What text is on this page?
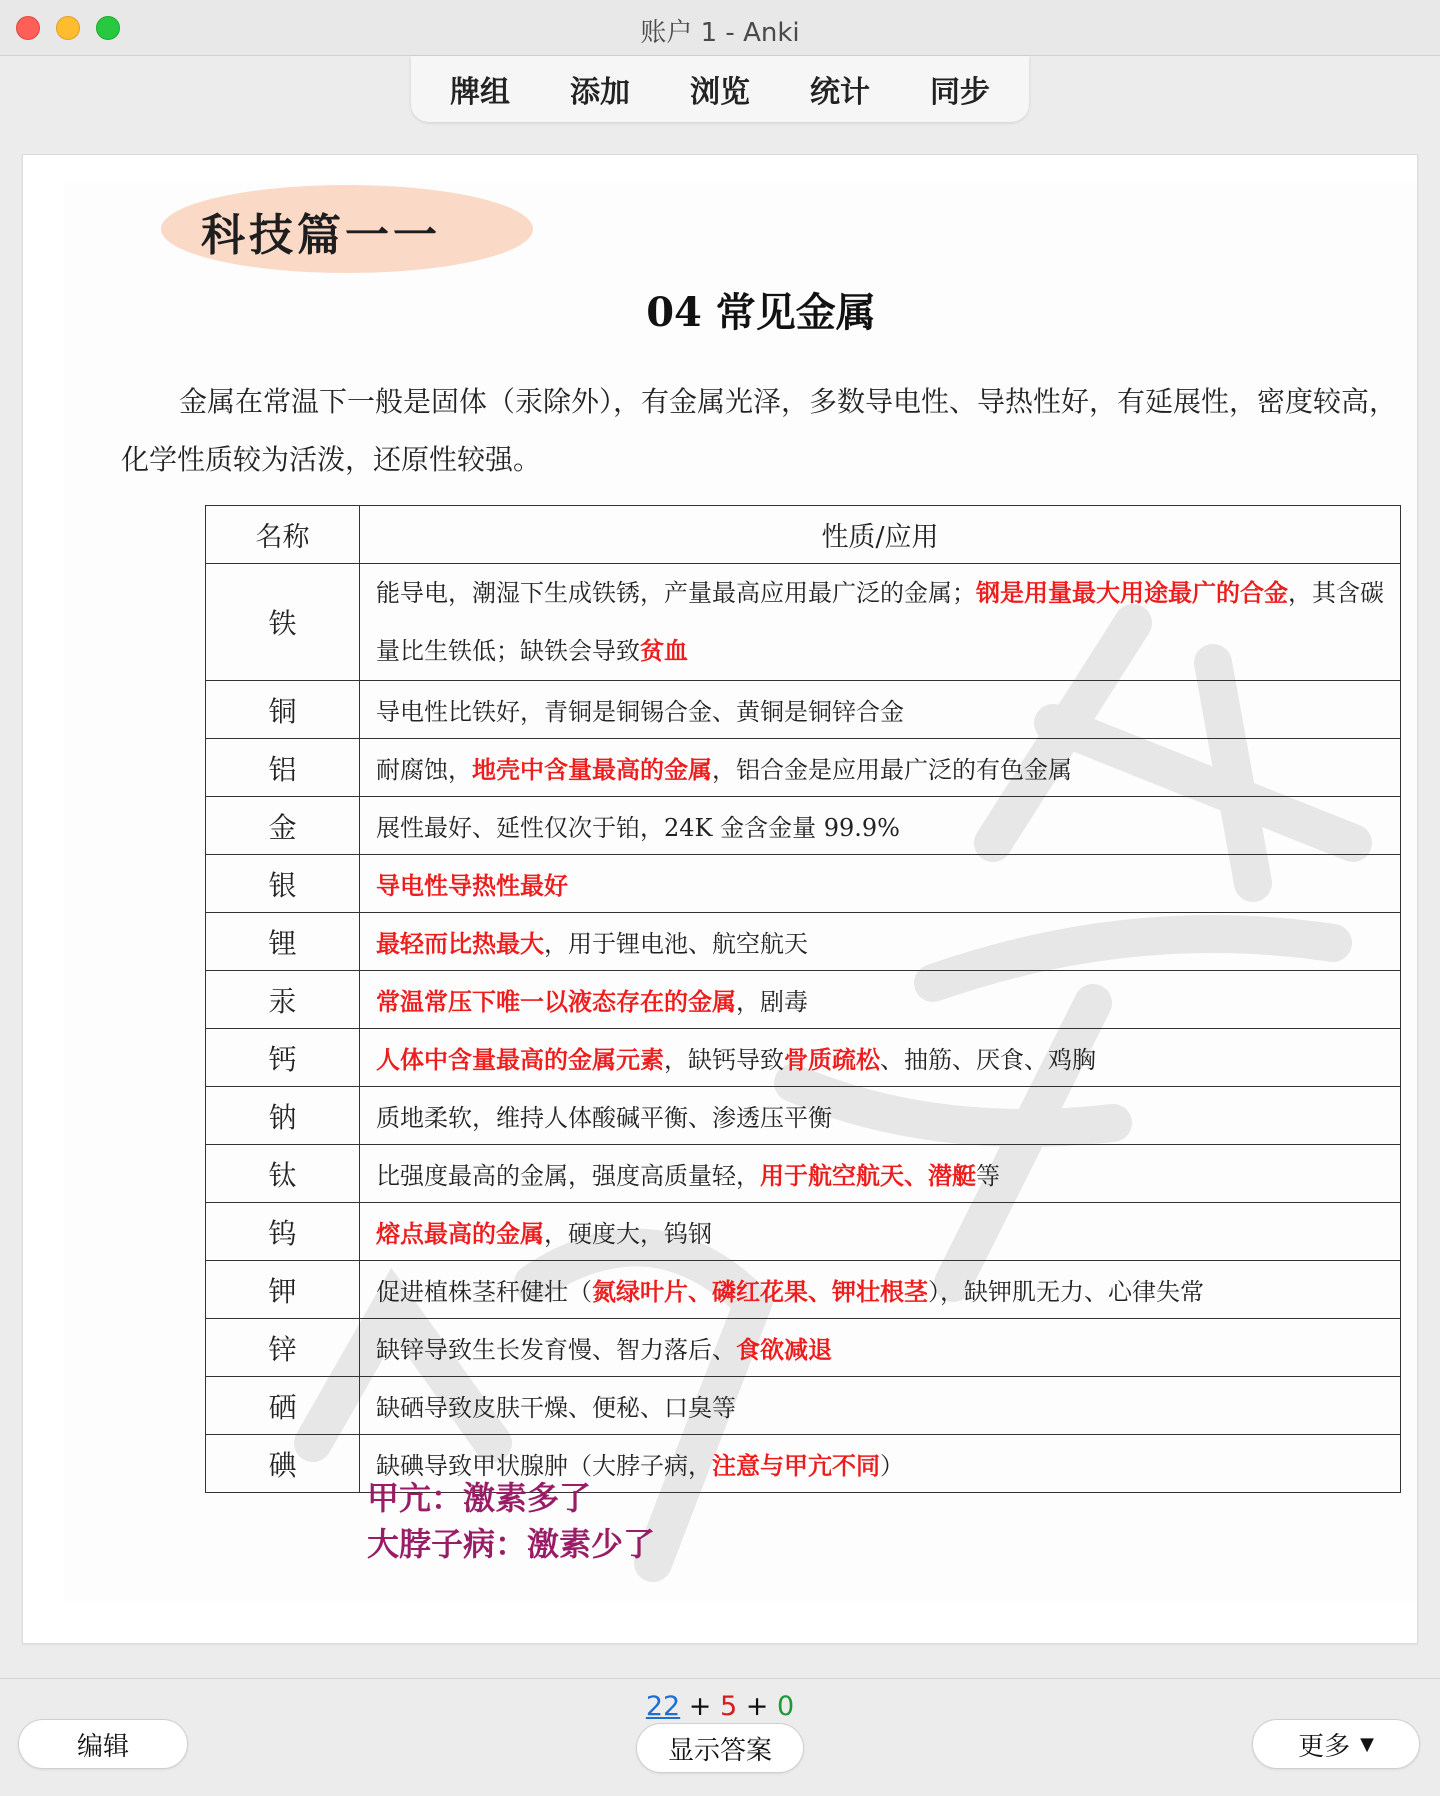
账户 1 - Anki
牌组	添加	浏览	统计	同步
科技篇一一
04 常见金属
金属在常温下一般是固体（汞除外），有金属光泽，多数导电性、导热性好，有延展性，密度较高，化学性质较为活泼，还原性较强。
名称	性质/应用
铁	能导电，潮湿下生成铁锈，产量最高应用最广泛的金属；钢是用量最大用途最广的合金，其含碳量比生铁低；缺铁会导致贫血
铜	导电性比铁好，青铜是铜锡合金、黄铜是铜锌合金
铝	耐腐蚀，地壳中含量最高的金属，铝合金是应用最广泛的有色金属
金	展性最好、延性仅次于铂，24K 金含金量 99.9%
银	导电性导热性最好
锂	最轻而比热最大，用于锂电池、航空航天
汞	常温常压下唯一以液态存在的金属，剧毒
钙	人体中含量最高的金属元素，缺钙导致骨质疏松、抽筋、厌食、鸡胸
钠	质地柔软，维持人体酸碱平衡、渗透压平衡
钛	比强度最高的金属，强度高质量轻，用于航空航天、潜艇等
钨	熔点最高的金属，硬度大，钨钢
钾	促进植株茎秆健壮（氮绿叶片、磷红花果、钾壮根茎），缺钾肌无力、心律失常
锌	缺锌导致生长发育慢、智力落后、食欲减退
硒	缺硒导致皮肤干燥、便秘、口臭等
碘	缺碘导致甲状腺肿（大脖子病，注意与甲亢不同）
甲亢：激素多了
大脖子病：激素少了
22 + 5 + 0
编辑	显示答案	更多 ▼
